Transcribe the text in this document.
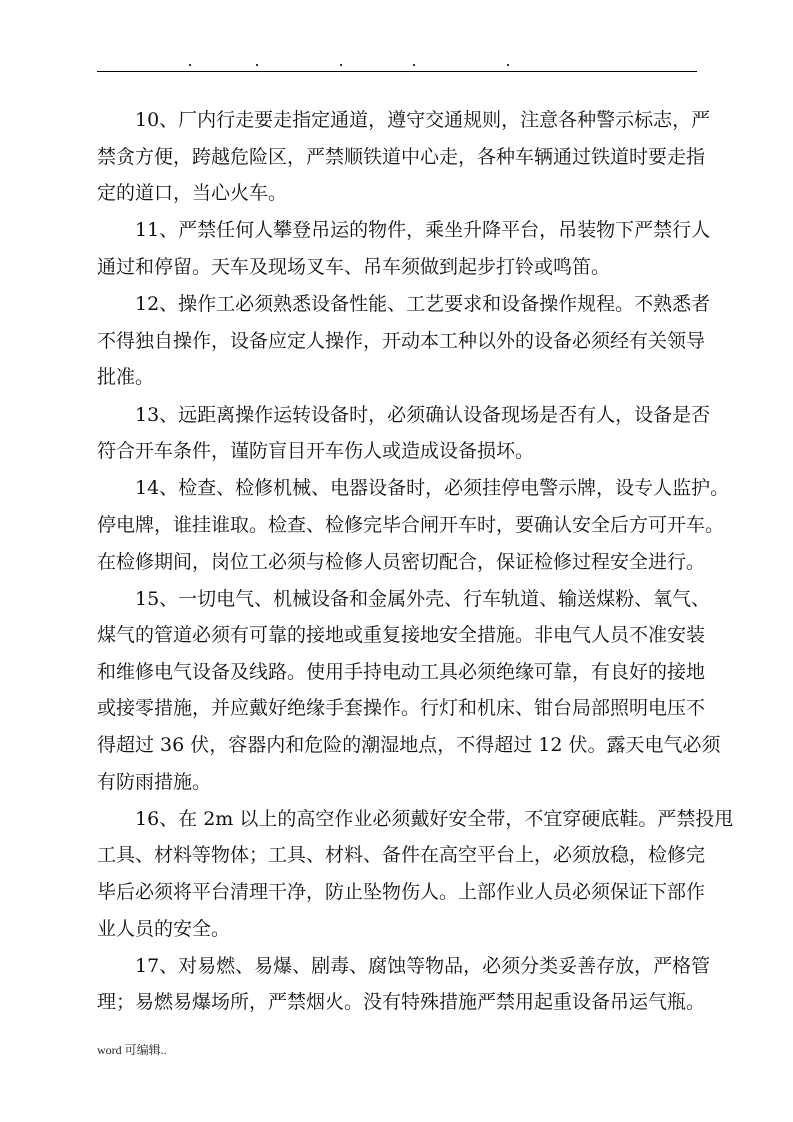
10、厂内行走要走指定通道，遵守交通规则，注意各种警示标志，严
禁贪方便，跨越危险区，严禁顺铁道中心走，各种车辆通过铁道时要走指
定的道口，当心火车。
11、严禁任何人攀登吊运的物件，乘坐升降平台，吊装物下严禁行人
通过和停留。天车及现场叉车、吊车须做到起步打铃或鸣笛。
12、操作工必须熟悉设备性能、工艺要求和设备操作规程。不熟悉者
不得独自操作，设备应定人操作，开动本工种以外的设备必须经有关领导
批准。
13、远距离操作运转设备时，必须确认设备现场是否有人，设备是否
符合开车条件，谨防盲目开车伤人或造成设备损坏。
14、检查、检修机械、电器设备时，必须挂停电警示牌，设专人监护。
停电牌，谁挂谁取。检查、检修完毕合闸开车时，要确认安全后方可开车。
在检修期间，岗位工必须与检修人员密切配合，保证检修过程安全进行。
15、一切电气、机械设备和金属外壳、行车轨道、输送煤粉、氧气、
煤气的管道必须有可靠的接地或重复接地安全措施。非电气人员不准安装
和维修电气设备及线路。使用手持电动工具必须绝缘可靠，有良好的接地
或接零措施，并应戴好绝缘手套操作。行灯和机床、钳台局部照明电压不
得超过 36 伏，容器内和危险的潮湿地点，不得超过 12 伏。露天电气必须
有防雨措施。
16、在 2m 以上的高空作业必须戴好安全带，不宜穿硬底鞋。严禁投甩
工具、材料等物体；工具、材料、备件在高空平台上，必须放稳，检修完
毕后必须将平台清理干净，防止坠物伤人。上部作业人员必须保证下部作
业人员的安全。
17、对易燃、易爆、剧毒、腐蚀等物品，必须分类妥善存放，严格管
理；易燃易爆场所，严禁烟火。没有特殊措施严禁用起重设备吊运气瓶。
word 可编辑..
